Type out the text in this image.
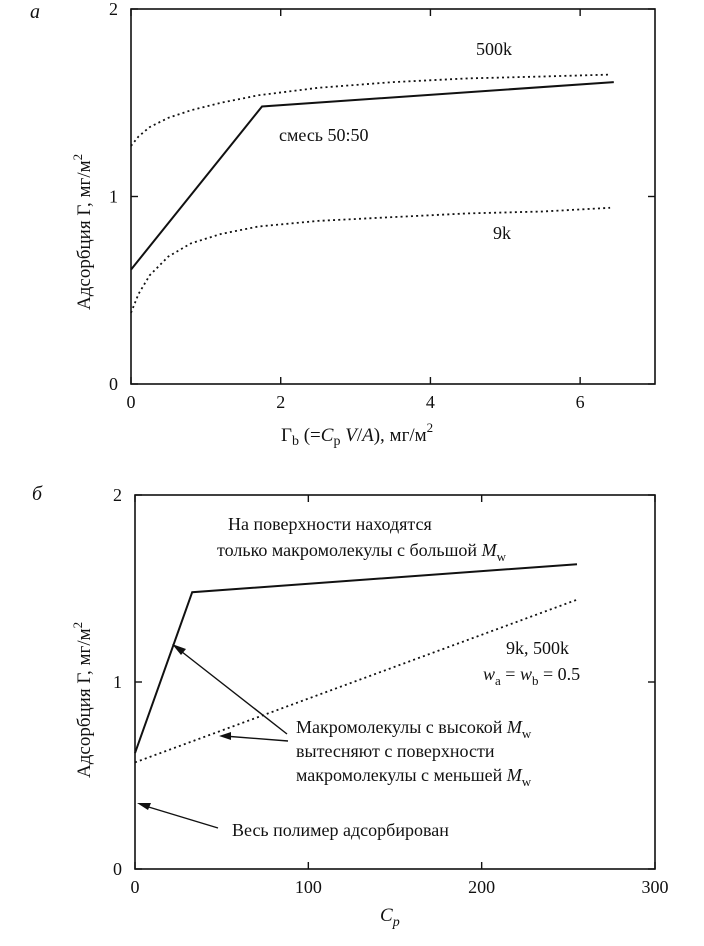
a
0	2	4	6
0
1
2
Адсорбция Γ, $мг/м^2$
$\Gamma_b$ ($=C_p$ V/A), $мг/м^2$
500k
смесь 50:50
9k
б
0	100	200	300
0
1
2
Адсорбция Γ, $мг/м^2$
$C_p$
На поверхности находятся
только макромолекулы с большой $M_w$
9k, 500k
$w_a = w_b = 0.5$
Макромолекулы с высокой $M_w$
вытесняют с поверхности
макромолекулы с меньшей $M_w$
Весь полимер адсорбирован
